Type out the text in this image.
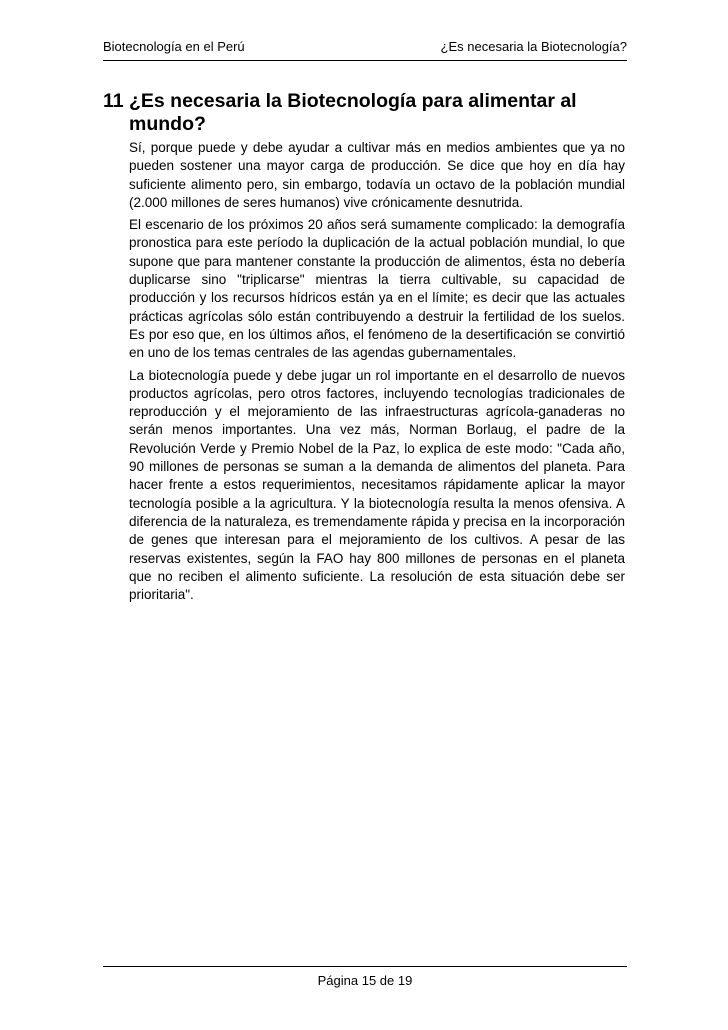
Biotecnología en el Perú	¿Es necesaria la Biotecnología?
11 ¿Es necesaria la Biotecnología para alimentar al mundo?

Sí, porque puede y debe ayudar a cultivar más en medios ambientes que ya no pueden sostener una mayor carga de producción. Se dice que hoy en día hay suficiente alimento pero, sin embargo, todavía un octavo de la población mundial (2.000 millones de seres humanos) vive crónicamente desnutrida.

El escenario de los próximos 20 años será sumamente complicado: la demografía pronostica para este período la duplicación de la actual población mundial, lo que supone que para mantener constante la producción de alimentos, ésta no debería duplicarse sino "triplicarse" mientras la tierra cultivable, su capacidad de producción y los recursos hídricos están ya en el límite; es decir que las actuales prácticas agrícolas sólo están contribuyendo a destruir la fertilidad de los suelos. Es por eso que, en los últimos años, el fenómeno de la desertificación se convirtió en uno de los temas centrales de las agendas gubernamentales.

La biotecnología puede y debe jugar un rol importante en el desarrollo de nuevos productos agrícolas, pero otros factores, incluyendo tecnologías tradicionales de reproducción y el mejoramiento de las infraestructuras agrícola-ganaderas no serán menos importantes. Una vez más, Norman Borlaug, el padre de la Revolución Verde y Premio Nobel de la Paz, lo explica de este modo: "Cada año, 90 millones de personas se suman a la demanda de alimentos del planeta. Para hacer frente a estos requerimientos, necesitamos rápidamente aplicar la mayor tecnología posible a la agricultura. Y la biotecnología resulta la menos ofensiva. A diferencia de la naturaleza, es tremendamente rápida y precisa en la incorporación de genes que interesan para el mejoramiento de los cultivos. A pesar de las reservas existentes, según la FAO hay 800 millones de personas en el planeta que no reciben el alimento suficiente. La resolución de esta situación debe ser prioritaria".

Página 15 de 19
